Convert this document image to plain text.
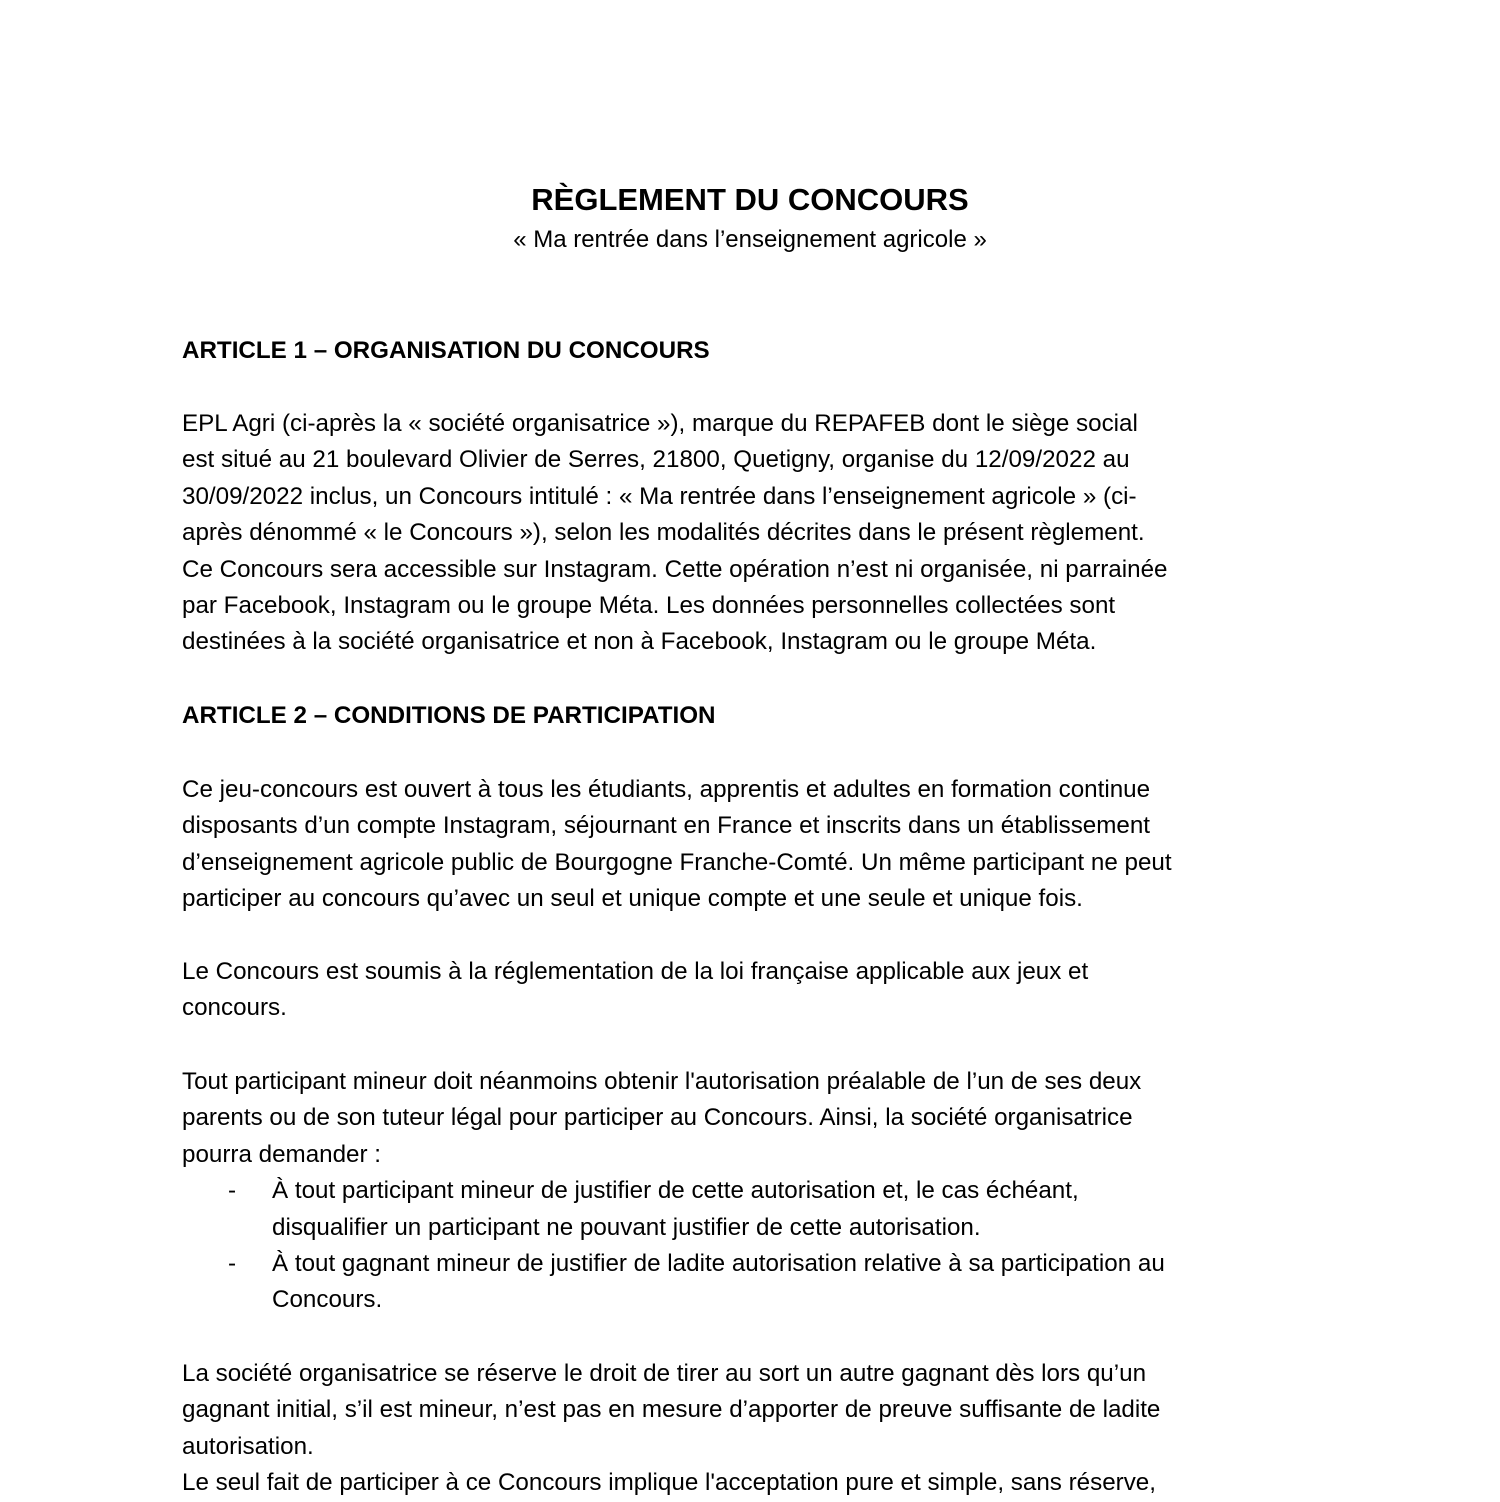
RÈGLEMENT DU CONCOURS
« Ma rentrée dans l’enseignement agricole »
ARTICLE 1 – ORGANISATION DU CONCOURS
EPL Agri (ci-après la « société organisatrice »), marque du REPAFEB dont le siège social
est situé au 21 boulevard Olivier de Serres, 21800, Quetigny, organise du 12/09/2022 au
30/09/2022 inclus, un Concours intitulé : « Ma rentrée dans l’enseignement agricole » (ci-
après dénommé « le Concours »), selon les modalités décrites dans le présent règlement.
Ce Concours sera accessible sur Instagram. Cette opération n’est ni organisée, ni parrainée
par Facebook, Instagram ou le groupe Méta. Les données personnelles collectées sont
destinées à la société organisatrice et non à Facebook, Instagram ou le groupe Méta.
ARTICLE 2 – CONDITIONS DE PARTICIPATION
Ce jeu-concours est ouvert à tous les étudiants, apprentis et adultes en formation continue
disposants d’un compte Instagram, séjournant en France et inscrits dans un établissement
d’enseignement agricole public de Bourgogne Franche-Comté. Un même participant ne peut
participer au concours qu’avec un seul et unique compte et une seule et unique fois.
Le Concours est soumis à la réglementation de la loi française applicable aux jeux et
concours.
Tout participant mineur doit néanmoins obtenir l'autorisation préalable de l’un de ses deux
parents ou de son tuteur légal pour participer au Concours. Ainsi, la société organisatrice
pourra demander :
- À tout participant mineur de justifier de cette autorisation et, le cas échéant,
disqualifier un participant ne pouvant justifier de cette autorisation.
- À tout gagnant mineur de justifier de ladite autorisation relative à sa participation au
Concours.
La société organisatrice se réserve le droit de tirer au sort un autre gagnant dès lors qu’un
gagnant initial, s’il est mineur, n’est pas en mesure d’apporter de preuve suffisante de ladite
autorisation.
Le seul fait de participer à ce Concours implique l'acceptation pure et simple, sans réserve,
